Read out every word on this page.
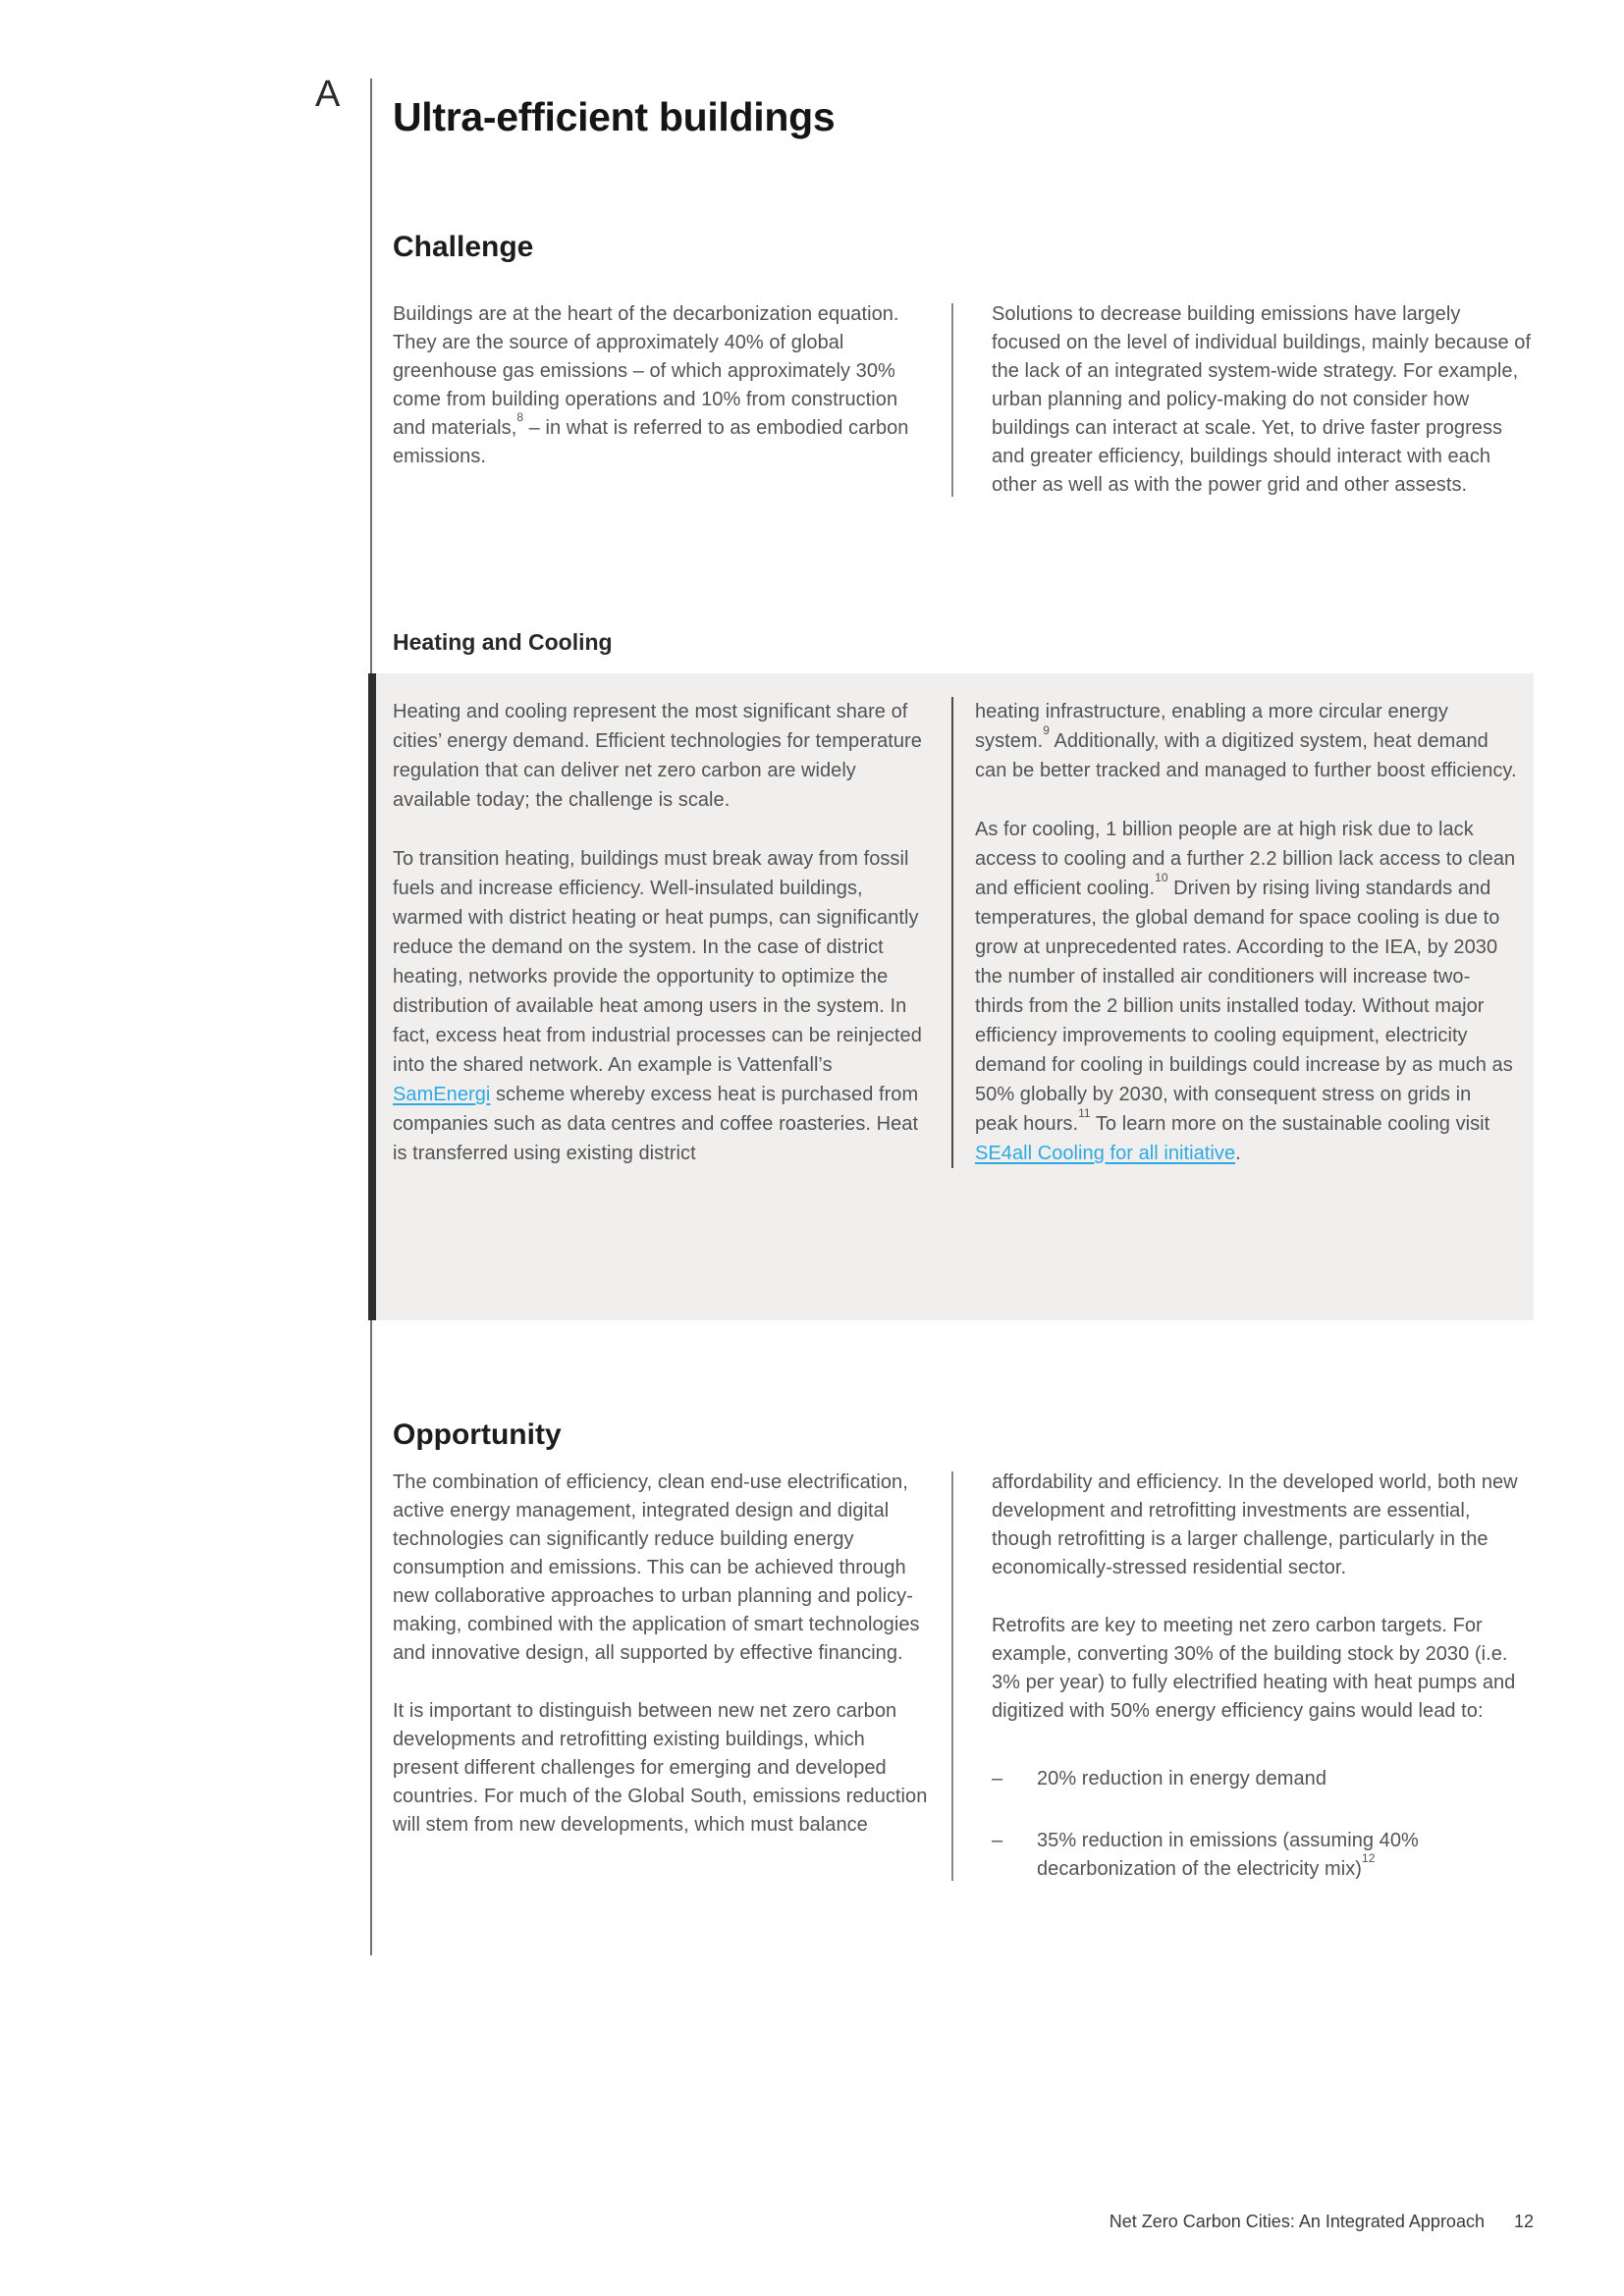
A
Ultra-efficient buildings
Challenge

Buildings are at the heart of the decarbonization equation. They are the source of approximately 40% of global greenhouse gas emissions – of which approximately 30% come from building operations and 10% from construction and materials,$^8$ – in what is referred to as embodied carbon emissions.

Solutions to decrease building emissions have largely focused on the level of individual buildings, mainly because of the lack of an integrated system-wide strategy. For example, urban planning and policy-making do not consider how buildings can interact at scale. Yet, to drive faster progress and greater efficiency, buildings should interact with each other as well as with the power grid and other assests.

Heating and Cooling

Heating and cooling represent the most significant share of cities’ energy demand. Efficient technologies for temperature regulation that can deliver net zero carbon are widely available today; the challenge is scale.

To transition heating, buildings must break away from fossil fuels and increase efficiency. Well-insulated buildings, warmed with district heating or heat pumps, can significantly reduce the demand on the system. In the case of district heating, networks provide the opportunity to optimize the distribution of available heat among users in the system. In fact, excess heat from industrial processes can be reinjected into the shared network. An example is Vattenfall’s SamEnergi scheme whereby excess heat is purchased from companies such as data centres and coffee roasteries. Heat is transferred using existing district

heating infrastructure, enabling a more circular energy system.$^9$ Additionally, with a digitized system, heat demand can be better tracked and managed to further boost efficiency.

As for cooling, 1 billion people are at high risk due to lack access to cooling and a further 2.2 billion lack access to clean and efficient cooling.$^{10}$ Driven by rising living standards and temperatures, the global demand for space cooling is due to grow at unprecedented rates. According to the IEA, by 2030 the number of installed air conditioners will increase two-thirds from the 2 billion units installed today. Without major efficiency improvements to cooling equipment, electricity demand for cooling in buildings could increase by as much as 50% globally by 2030, with consequent stress on grids in peak hours.$^{11}$ To learn more on the sustainable cooling visit SE4all Cooling for all initiative.

Opportunity

The combination of efficiency, clean end-use electrification, active energy management, integrated design and digital technologies can significantly reduce building energy consumption and emissions. This can be achieved through new collaborative approaches to urban planning and policy-making, combined with the application of smart technologies and innovative design, all supported by effective financing.

It is important to distinguish between new net zero carbon developments and retrofitting existing buildings, which present different challenges for emerging and developed countries. For much of the Global South, emissions reduction will stem from new developments, which must balance

affordability and efficiency. In the developed world, both new development and retrofitting investments are essential, though retrofitting is a larger challenge, particularly in the economically-stressed residential sector.

Retrofits are key to meeting net zero carbon targets. For example, converting 30% of the building stock by 2030 (i.e. 3% per year) to fully electrified heating with heat pumps and digitized with 50% energy efficiency gains would lead to:

–	20% reduction in energy demand
–	35% reduction in emissions (assuming 40% decarbonization of the electricity mix)$^{12}$
Net Zero Carbon Cities: An Integrated Approach 12
